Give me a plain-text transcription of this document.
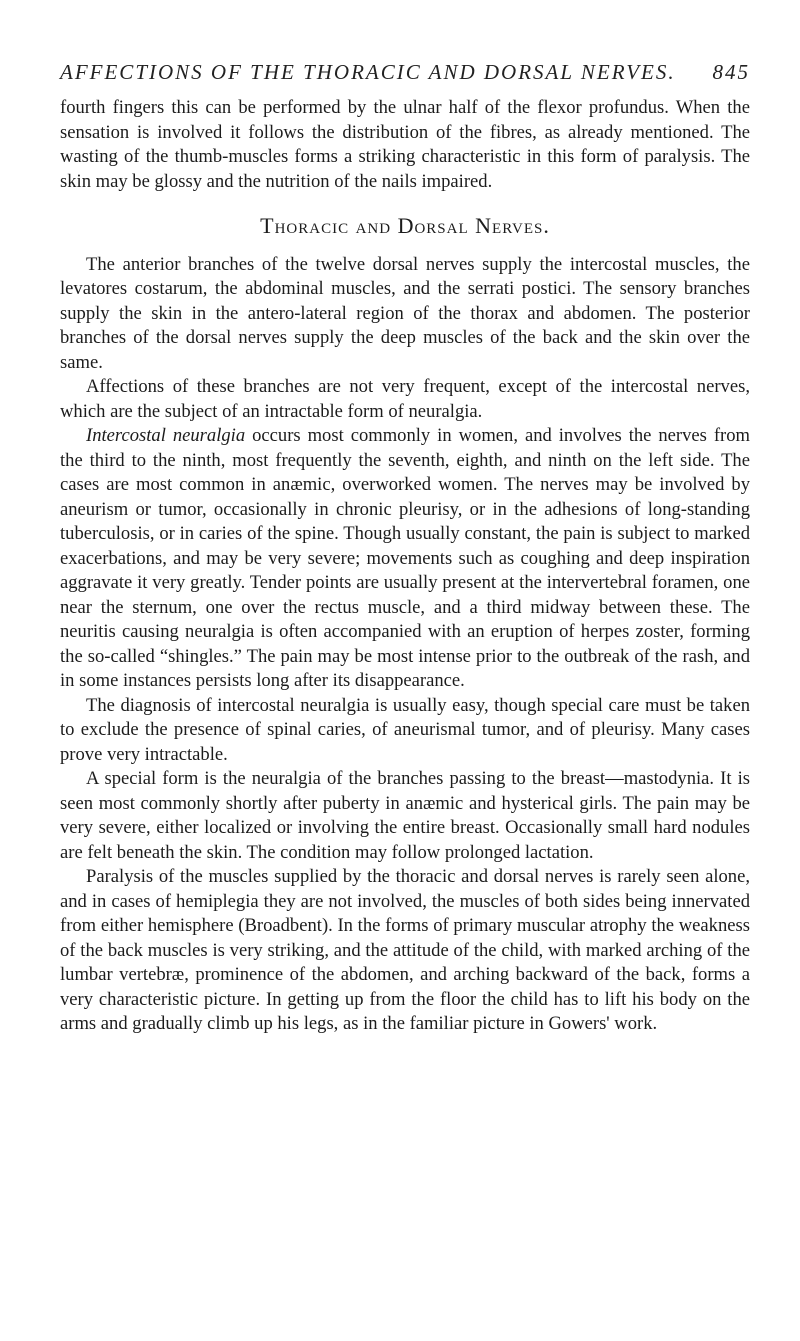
AFFECTIONS OF THE THORACIC AND DORSAL NERVES. 845

fourth fingers this can be performed by the ulnar half of the flexor profundus. When the sensation is involved it follows the distribution of the fibres, as already mentioned. The wasting of the thumb-muscles forms a striking characteristic in this form of paralysis. The skin may be glossy and the nutrition of the nails impaired.

Thoracic and Dorsal Nerves.

The anterior branches of the twelve dorsal nerves supply the intercostal muscles, the levatores costarum, the abdominal muscles, and the serrati postici. The sensory branches supply the skin in the antero-lateral region of the thorax and abdomen. The posterior branches of the dorsal nerves supply the deep muscles of the back and the skin over the same.

Affections of these branches are not very frequent, except of the intercostal nerves, which are the subject of an intractable form of neuralgia.

Intercostal neuralgia occurs most commonly in women, and involves the nerves from the third to the ninth, most frequently the seventh, eighth, and ninth on the left side. The cases are most common in anæmic, overworked women. The nerves may be involved by aneurism or tumor, occasionally in chronic pleurisy, or in the adhesions of long-standing tuberculosis, or in caries of the spine. Though usually constant, the pain is subject to marked exacerbations, and may be very severe; movements such as coughing and deep inspiration aggravate it very greatly. Tender points are usually present at the intervertebral foramen, one near the sternum, one over the rectus muscle, and a third midway between these. The neuritis causing neuralgia is often accompanied with an eruption of herpes zoster, forming the so-called “shingles.” The pain may be most intense prior to the outbreak of the rash, and in some instances persists long after its disappearance.

The diagnosis of intercostal neuralgia is usually easy, though special care must be taken to exclude the presence of spinal caries, of aneurismal tumor, and of pleurisy. Many cases prove very intractable.

A special form is the neuralgia of the branches passing to the breast—mastodynia. It is seen most commonly shortly after puberty in anæmic and hysterical girls. The pain may be very severe, either localized or involving the entire breast. Occasionally small hard nodules are felt beneath the skin. The condition may follow prolonged lactation.

Paralysis of the muscles supplied by the thoracic and dorsal nerves is rarely seen alone, and in cases of hemiplegia they are not involved, the muscles of both sides being innervated from either hemisphere (Broadbent). In the forms of primary muscular atrophy the weakness of the back muscles is very striking, and the attitude of the child, with marked arching of the lumbar vertebræ, prominence of the abdomen, and arching backward of the back, forms a very characteristic picture. In getting up from the floor the child has to lift his body on the arms and gradually climb up his legs, as in the familiar picture in Gowers' work.
